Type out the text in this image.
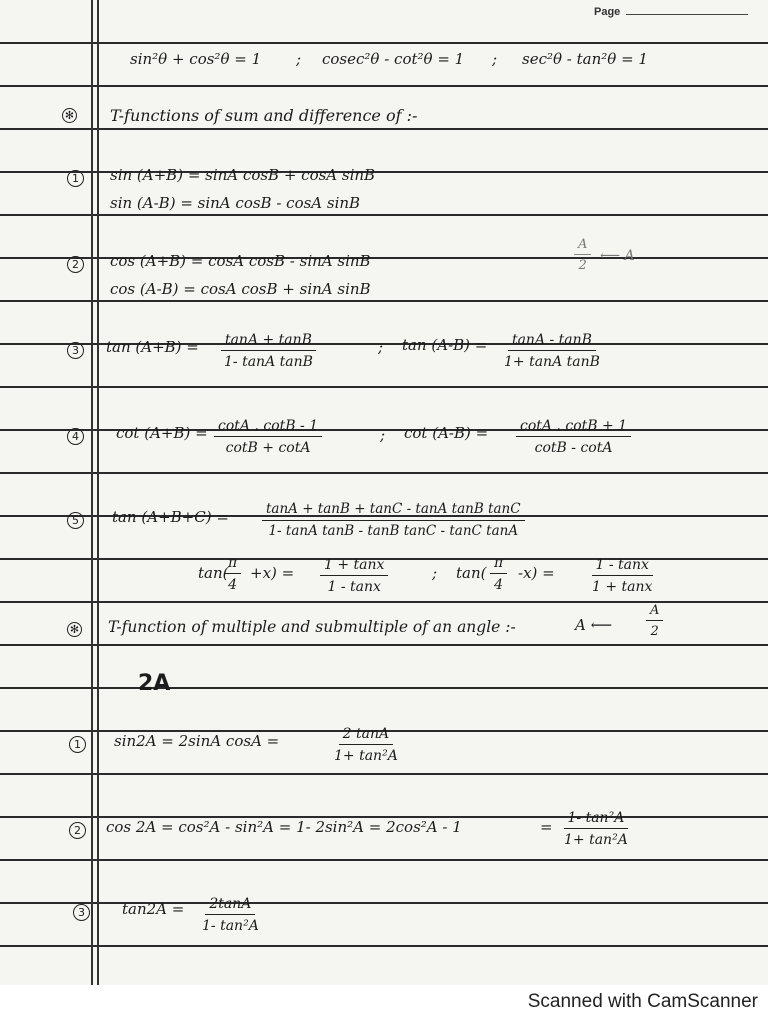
Page
sin²θ + cos²θ = 1 ; cosec²θ - cot²θ = 1 ; sec²θ - tan²θ = 1
✻ T-functions of sum and difference of :-
1	sin (A+B) = sinA cosB + cosA sinB
sin (A-B) = sinA cosB - cosA sinB
2	cos (A+B) = cosA cosB - sinA sinB
cos (A-B) = cosA cosB + sinA sinB
⟵ A
$\frac{A}{2}$
3	$\tan (A+B) = \frac{\tan A + \tan B}{\text{1- tanA tanB}}$	; $\tan (A-B) = \frac{\tan A - \tan B}{\text{1+ tanA tanB}}$
4	$\cot (A+B) = \frac{\cot A . \cot B - 1}{\cot B + \cot A}$	; $\cot (A-B) = \frac{\cot A . \cot B + 1}{\cot B - \cot A}$
5	$\tan (A+B+C) = \frac{\text{tanA + tanB + tanC - tanA tanB tanC}}{\text{1- tanA tanB - tanB tanC - tanC tanA}}$
tan(
$\frac{\pi}{4} +x) = \frac{1 + \tan x}{1 - \tan x}$	; $\tan( \frac{\pi}{4} -x) = \frac{1 - \tan x}{1 + \tan x}$
✻ T-function of multiple and submultiple of an angle :-	A ⟵	$\frac{A}{2}$
2A
1	sin2A = 2sinA cosA =	$\frac{2 \tan A}{\text{1+ tan²A}}$
2	cos 2A = cos²A - sin²A = 1- 2sin²A = 2cos²A - 1	= $\frac{\text{1- tan²A}}{\text{1+ tan²A}}$
3	$\tan 2A = \frac{2\tan A}{\text{1- tan²A}}$
Scanned with CamScanner
